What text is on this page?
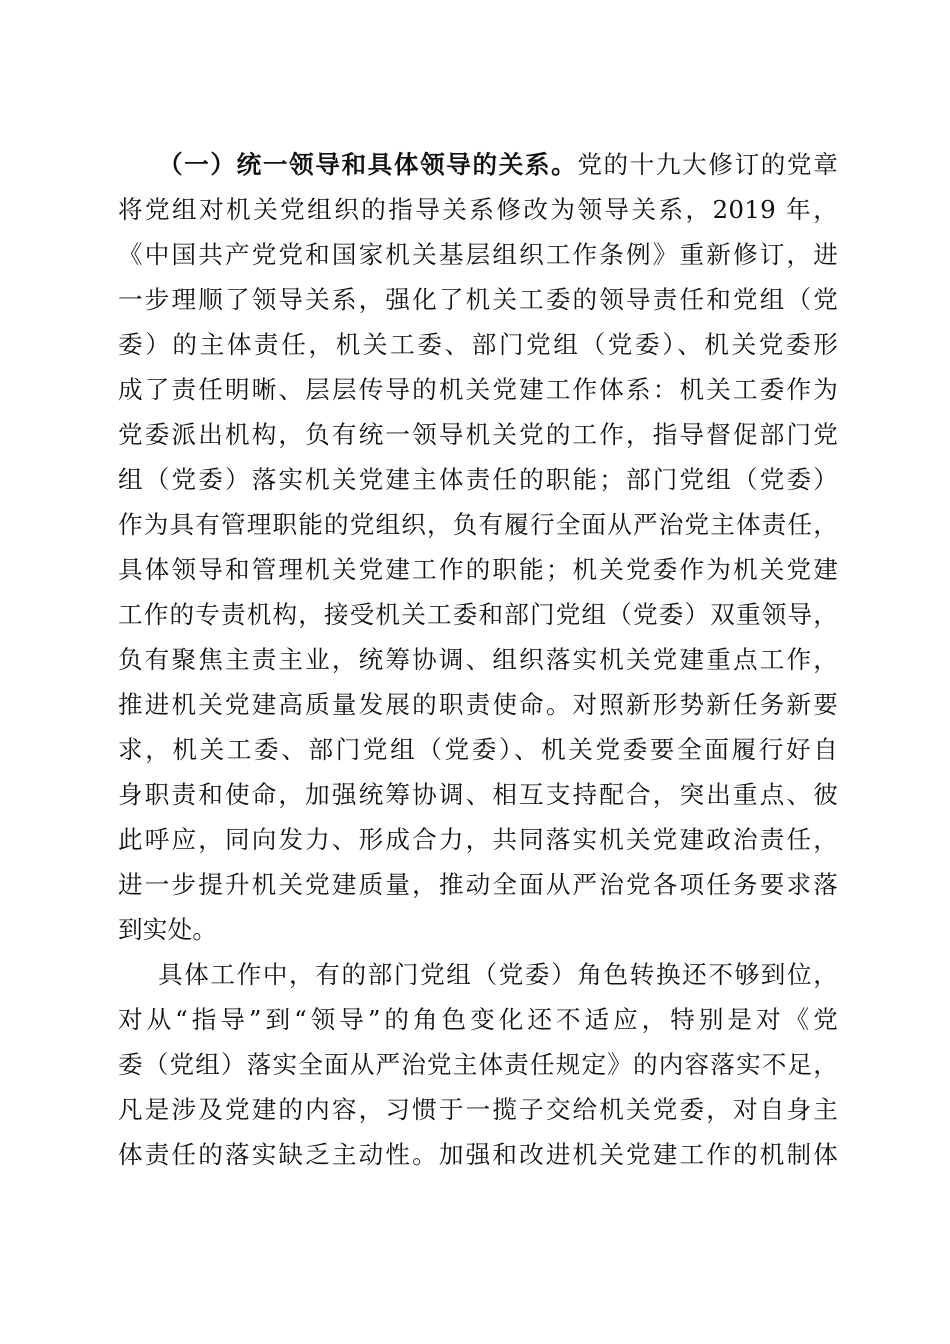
（一）统一领导和具体领导的关系。党的十九大修订的党章
将党组对机关党组织的指导关系修改为领导关系，2019 年，
《中国共产党党和国家机关基层组织工作条例》重新修订，进
一步理顺了领导关系，强化了机关工委的领导责任和党组（党
委）的主体责任，机关工委、部门党组（党委）、机关党委形
成了责任明晰、层层传导的机关党建工作体系：机关工委作为
党委派出机构，负有统一领导机关党的工作，指导督促部门党
组（党委）落实机关党建主体责任的职能；部门党组（党委）
作为具有管理职能的党组织，负有履行全面从严治党主体责任，
具体领导和管理机关党建工作的职能；机关党委作为机关党建
工作的专责机构，接受机关工委和部门党组（党委）双重领导，
负有聚焦主责主业，统筹协调、组织落实机关党建重点工作，
推进机关党建高质量发展的职责使命。对照新形势新任务新要
求，机关工委、部门党组（党委）、机关党委要全面履行好自
身职责和使命，加强统筹协调、相互支持配合，突出重点、彼
此呼应，同向发力、形成合力，共同落实机关党建政治责任，
进一步提升机关党建质量，推动全面从严治党各项任务要求落
到实处。
具体工作中，有的部门党组（党委）角色转换还不够到位，
对从“指导”到“领导”的角色变化还不适应，特别是对《党
委（党组）落实全面从严治党主体责任规定》的内容落实不足，
凡是涉及党建的内容，习惯于一揽子交给机关党委，对自身主
体责任的落实缺乏主动性。加强和改进机关党建工作的机制体
